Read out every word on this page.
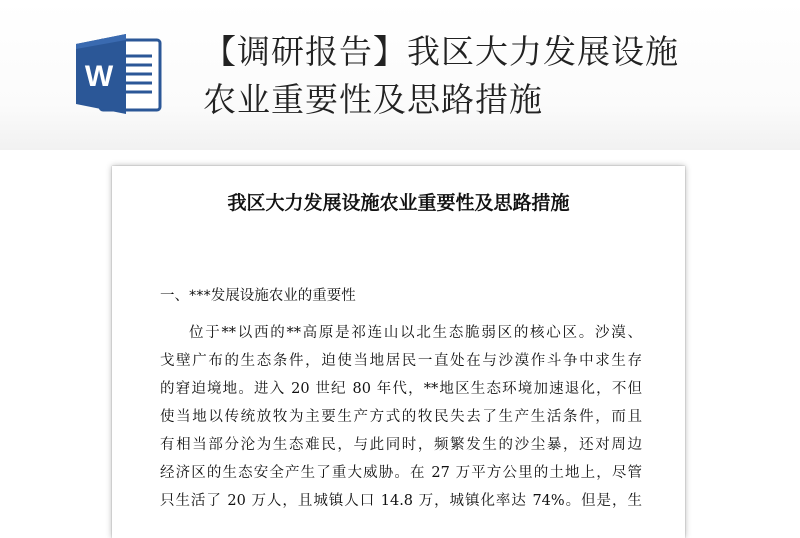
W
【调研报告】我区大力发展设施
农业重要性及思路措施
我区大力发展设施农业重要性及思路措施
一、***发展设施农业的重要性
位于**以西的**高原是祁连山以北生态脆弱区的核心区。沙漠、
戈壁广布的生态条件，迫使当地居民一直处在与沙漠作斗争中求生存
的窘迫境地。进入 20 世纪 80 年代，**地区生态环境加速退化，不但
使当地以传统放牧为主要生产方式的牧民失去了生产生活条件，而且
有相当部分沦为生态难民，与此同时，频繁发生的沙尘暴，还对周边
经济区的生态安全产生了重大威胁。在 27 万平方公里的土地上，尽管
只生活了 20 万人，且城镇人口 14.8 万，城镇化率达 74%。但是，生
